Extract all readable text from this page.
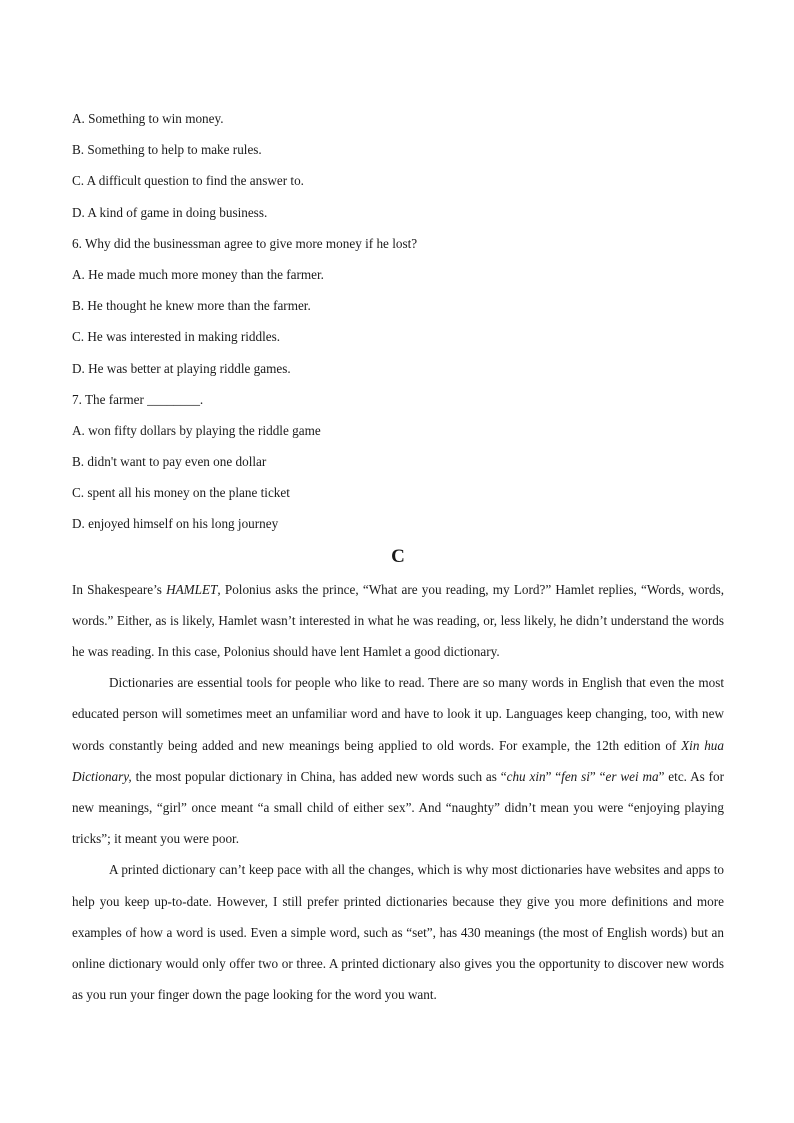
A. Something to win money.
B. Something to help to make rules.
C. A difficult question to find the answer to.
D. A kind of game in doing business.
6. Why did the businessman agree to give more money if he lost?
A. He made much more money than the farmer.
B. He thought he knew more than the farmer.
C. He was interested in making riddles.
D. He was better at playing riddle games.
7. The farmer ________.
A. won fifty dollars by playing the riddle game
B. didn't want to pay even one dollar
C. spent all his money on the plane ticket
D. enjoyed himself on his long journey
C

In Shakespeare’s HAMLET, Polonius asks the prince, “What are you reading, my Lord?” Hamlet replies, “Words, words, words.” Either, as is likely, Hamlet wasn’t interested in what he was reading, or, less likely, he didn’t understand the words he was reading. In this case, Polonius should have lent Hamlet a good dictionary.

Dictionaries are essential tools for people who like to read. There are so many words in English that even the most educated person will sometimes meet an unfamiliar word and have to look it up. Languages keep changing, too, with new words constantly being added and new meanings being applied to old words. For example, the 12th edition of Xin hua Dictionary, the most popular dictionary in China, has added new words such as “chu xin” “fen si” “er wei ma” etc. As for new meanings, “girl” once meant “a small child of either sex”. And “naughty” didn’t mean you were “enjoying playing tricks”; it meant you were poor.

A printed dictionary can’t keep pace with all the changes, which is why most dictionaries have websites and apps to help you keep up-to-date. However, I still prefer printed dictionaries because they give you more definitions and more examples of how a word is used. Even a simple word, such as “set”, has 430 meanings (the most of English words) but an online dictionary would only offer two or three. A printed dictionary also gives you the opportunity to discover new words as you run your finger down the page looking for the word you want.
